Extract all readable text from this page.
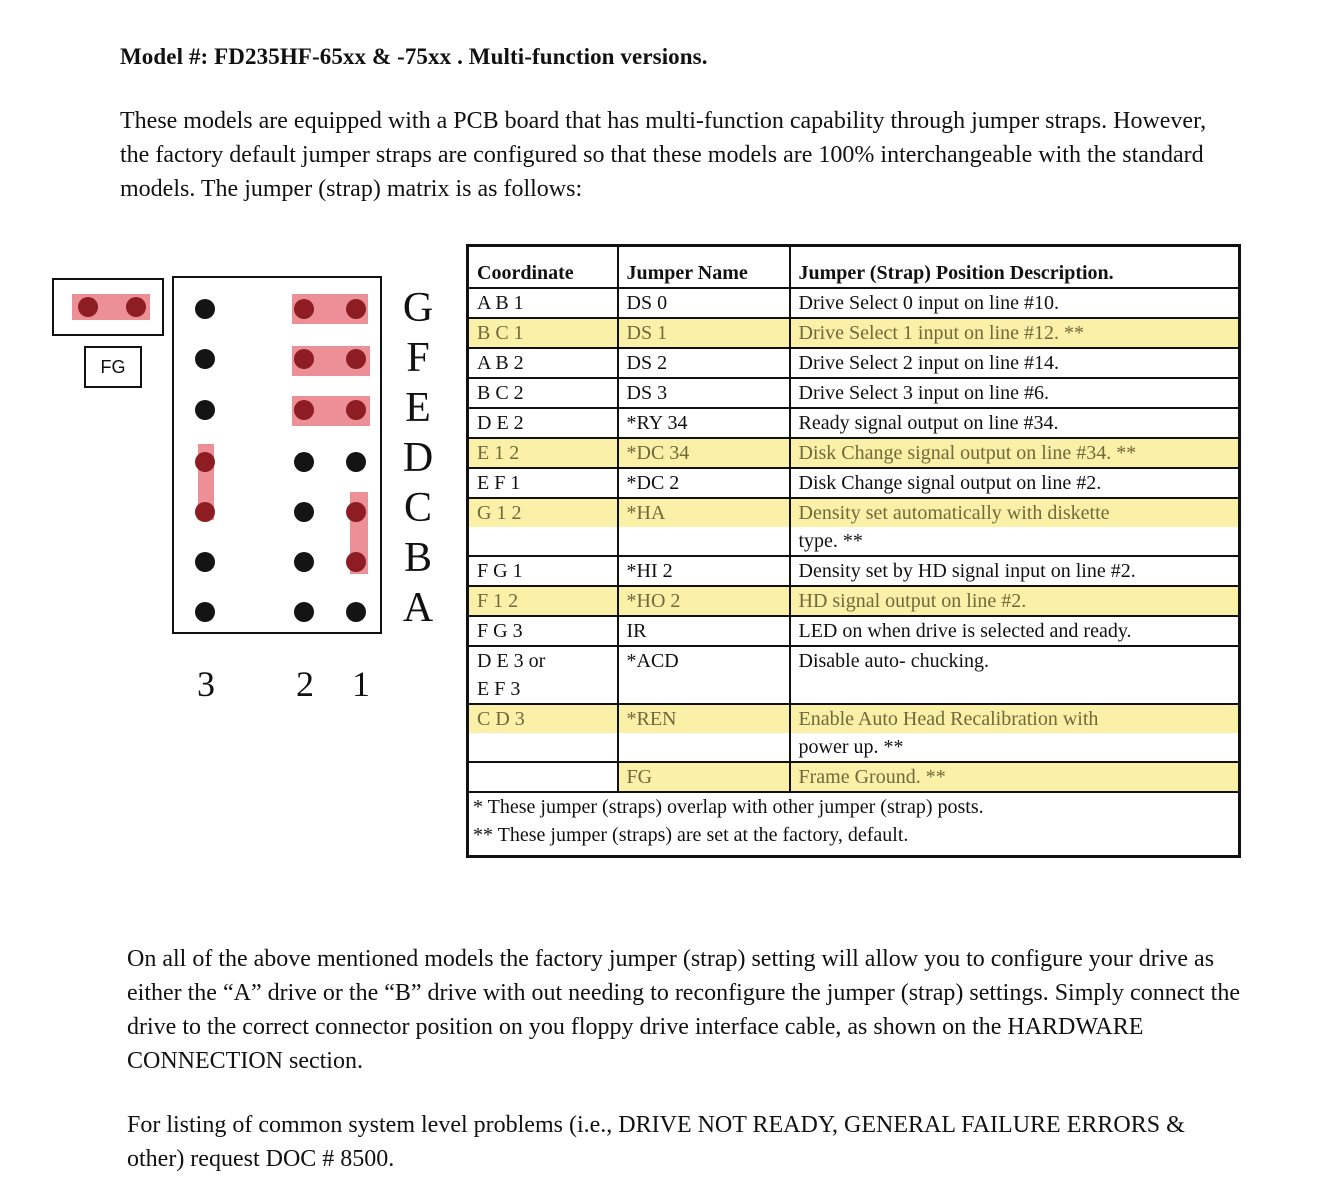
Model #: FD235HF-65xx & -75xx . Multi-function versions.
These models are equipped with a PCB board that has multi-function capability through jumper straps. However, the factory default jumper straps are configured so that these models are 100% interchangeable with the standard models. The jumper (strap) matrix is as follows:
FG
G
F
E
D
C
B
A
3 2 1
Coordinate	Jumper Name	Jumper (Strap) Position Description.
A B 1	DS 0	Drive Select 0 input on line #10.
B C 1	DS 1	Drive Select 1 input on line #12. **
A B 2	DS 2	Drive Select 2 input on line #14.
B C 2	DS 3	Drive Select 3 input on line #6.
D E 2	*RY 34	Ready signal output on line #34.
E 1 2	*DC 34	Disk Change signal output on line #34. **
E F 1	*DC 2	Disk Change signal output on line #2.
G 1 2	*HA	Density set automatically with diskette
		type. **
F G 1	*HI 2	Density set by HD signal input on line #2.
F 1 2	*HO 2	HD signal output on line #2.
F G 3	IR	LED on when drive is selected and ready.
D E 3 or	*ACD	Disable auto- chucking.
E F 3		
C D 3	*REN	Enable Auto Head Recalibration with
		power up. **
	FG	Frame Ground. **
* These jumper (straps) overlap with other jumper (strap) posts.		
** These jumper (straps) are set at the factory, default.		
On all of the above mentioned models the factory jumper (strap) setting will allow you to configure your drive as either the “A” drive or the “B” drive with out needing to reconfigure the jumper (strap) settings. Simply connect the drive to the correct connector position on you floppy drive interface cable, as shown on the HARDWARE CONNECTION section.
For listing of common system level problems (i.e., DRIVE NOT READY, GENERAL FAILURE ERRORS & other) request DOC # 8500.
